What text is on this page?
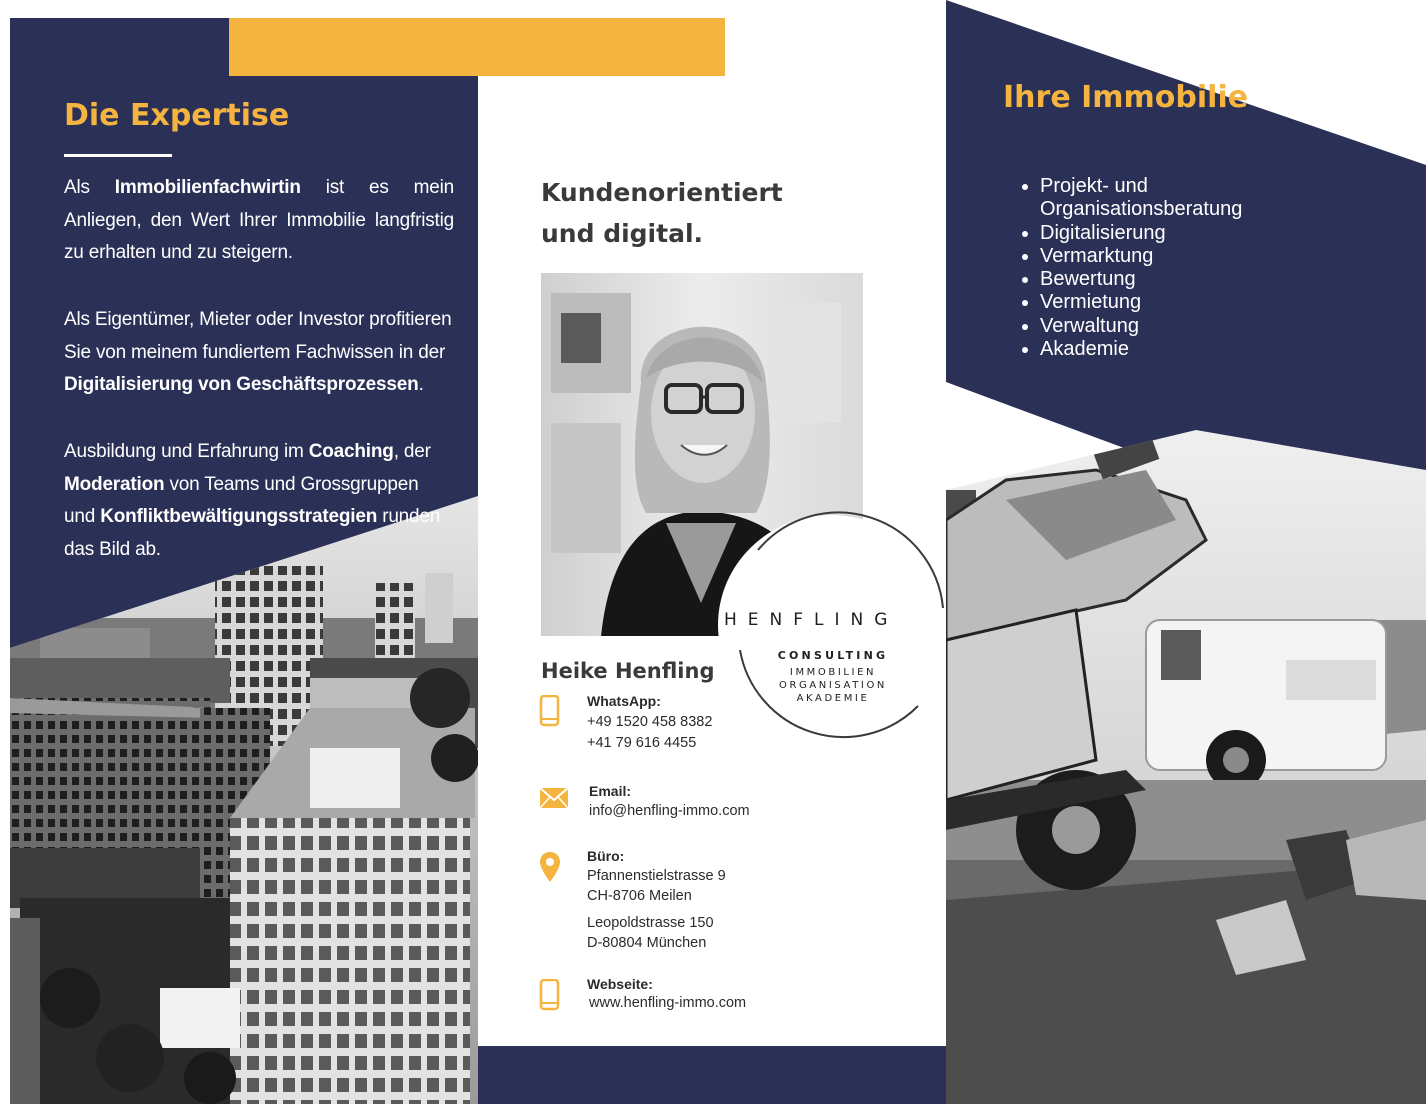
Die Expertise

Als Immobilienfachwirtin ist es mein Anliegen, den Wert Ihrer Immobilie langfristig zu erhalten und zu steigern.

Als Eigentümer, Mieter oder Investor profitieren Sie von meinem fundiertem Fachwissen in der Digitalisierung von Geschäftsprozessen.

Ausbildung und Erfahrung im Coaching, der Moderation von Teams und Grossgruppen und Konfliktbewältigungsstrategien runden das Bild ab.

Kundenorientiert
und digital.
HENFLING
CONSULTING
IMMOBILIEN
ORGANISATION
AKADEMIE
Heike Henfling
WhatsApp:
+49 1520 458 8382
+41 79 616 4455
Email:
info@henfling-immo.com
Büro:
Pfannenstielstrasse 9
CH-8706 Meilen
Leopoldstrasse 150
D-80804 München
Webseite:
www.henfling-immo.com
Ihre Immobilie
Projekt- und
Organisationsberatung
Digitalisierung
Vermarktung
Bewertung
Vermietung
Verwaltung
Akademie
